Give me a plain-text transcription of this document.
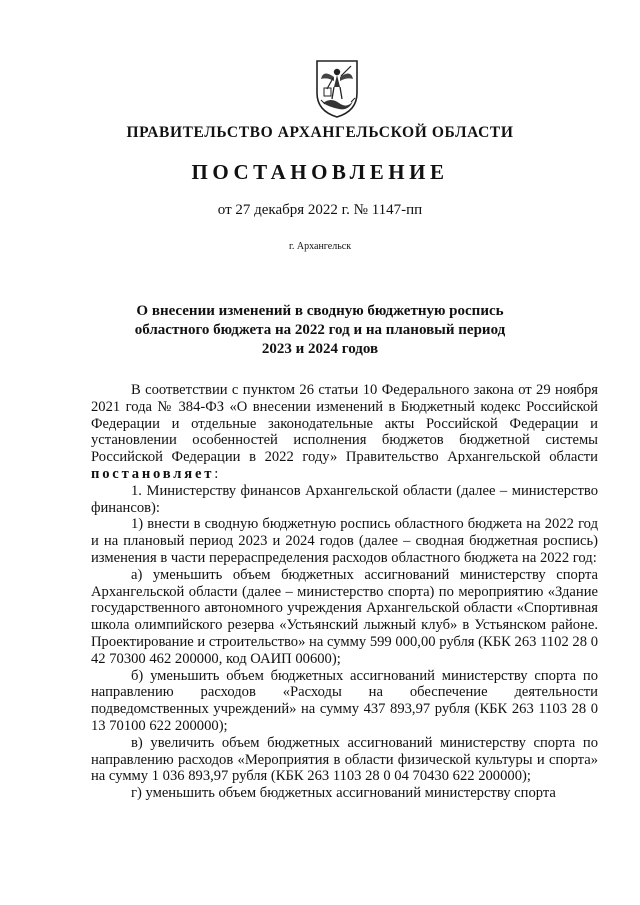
ПРАВИТЕЛЬСТВО АРХАНГЕЛЬСКОЙ ОБЛАСТИ
ПОСТАНОВЛЕНИЕ
от 27 декабря 2022 г. № 1147-пп
г. Архангельск
О внесении изменений в сводную бюджетную роспись
областного бюджета на 2022 год и на плановый период
2023 и 2024 годов

В соответствии с пунктом 26 статьи 10 Федерального закона от 29 ноября 2021 года № 384-ФЗ «О внесении изменений в Бюджетный кодекс Российской Федерации и отдельные законодательные акты Российской Федерации и установлении особенностей исполнения бюджетов бюджетной системы Российской Федерации в 2022 году» Правительство Архангельской области постановляет:

1. Министерству финансов Архангельской области (далее – министерство финансов):

1) внести в сводную бюджетную роспись областного бюджета на 2022 год и на плановый период 2023 и 2024 годов (далее – сводная бюджетная роспись) изменения в части перераспределения расходов областного бюджета на 2022 год:

а) уменьшить объем бюджетных ассигнований министерству спорта Архангельской области (далее – министерство спорта) по мероприятию «Здание государственного автономного учреждения Архангельской области «Спортивная школа олимпийского резерва «Устьянский лыжный клуб» в Устьянском районе. Проектирование и строительство» на сумму 599 000,00 рубля (КБК 263 1102 28 0 42 70300 462 200000, код ОАИП 00600);

б) уменьшить объем бюджетных ассигнований министерству спорта по направлению расходов «Расходы на обеспечение деятельности подведомственных учреждений» на сумму 437 893,97 рубля (КБК 263 1103 28 0 13 70100 622 200000);

в) увеличить объем бюджетных ассигнований министерству спорта по направлению расходов «Мероприятия в области физической культуры и спорта» на сумму 1 036 893,97 рубля (КБК 263 1103 28 0 04 70430 622 200000);

г) уменьшить объем бюджетных ассигнований министерству спорта
